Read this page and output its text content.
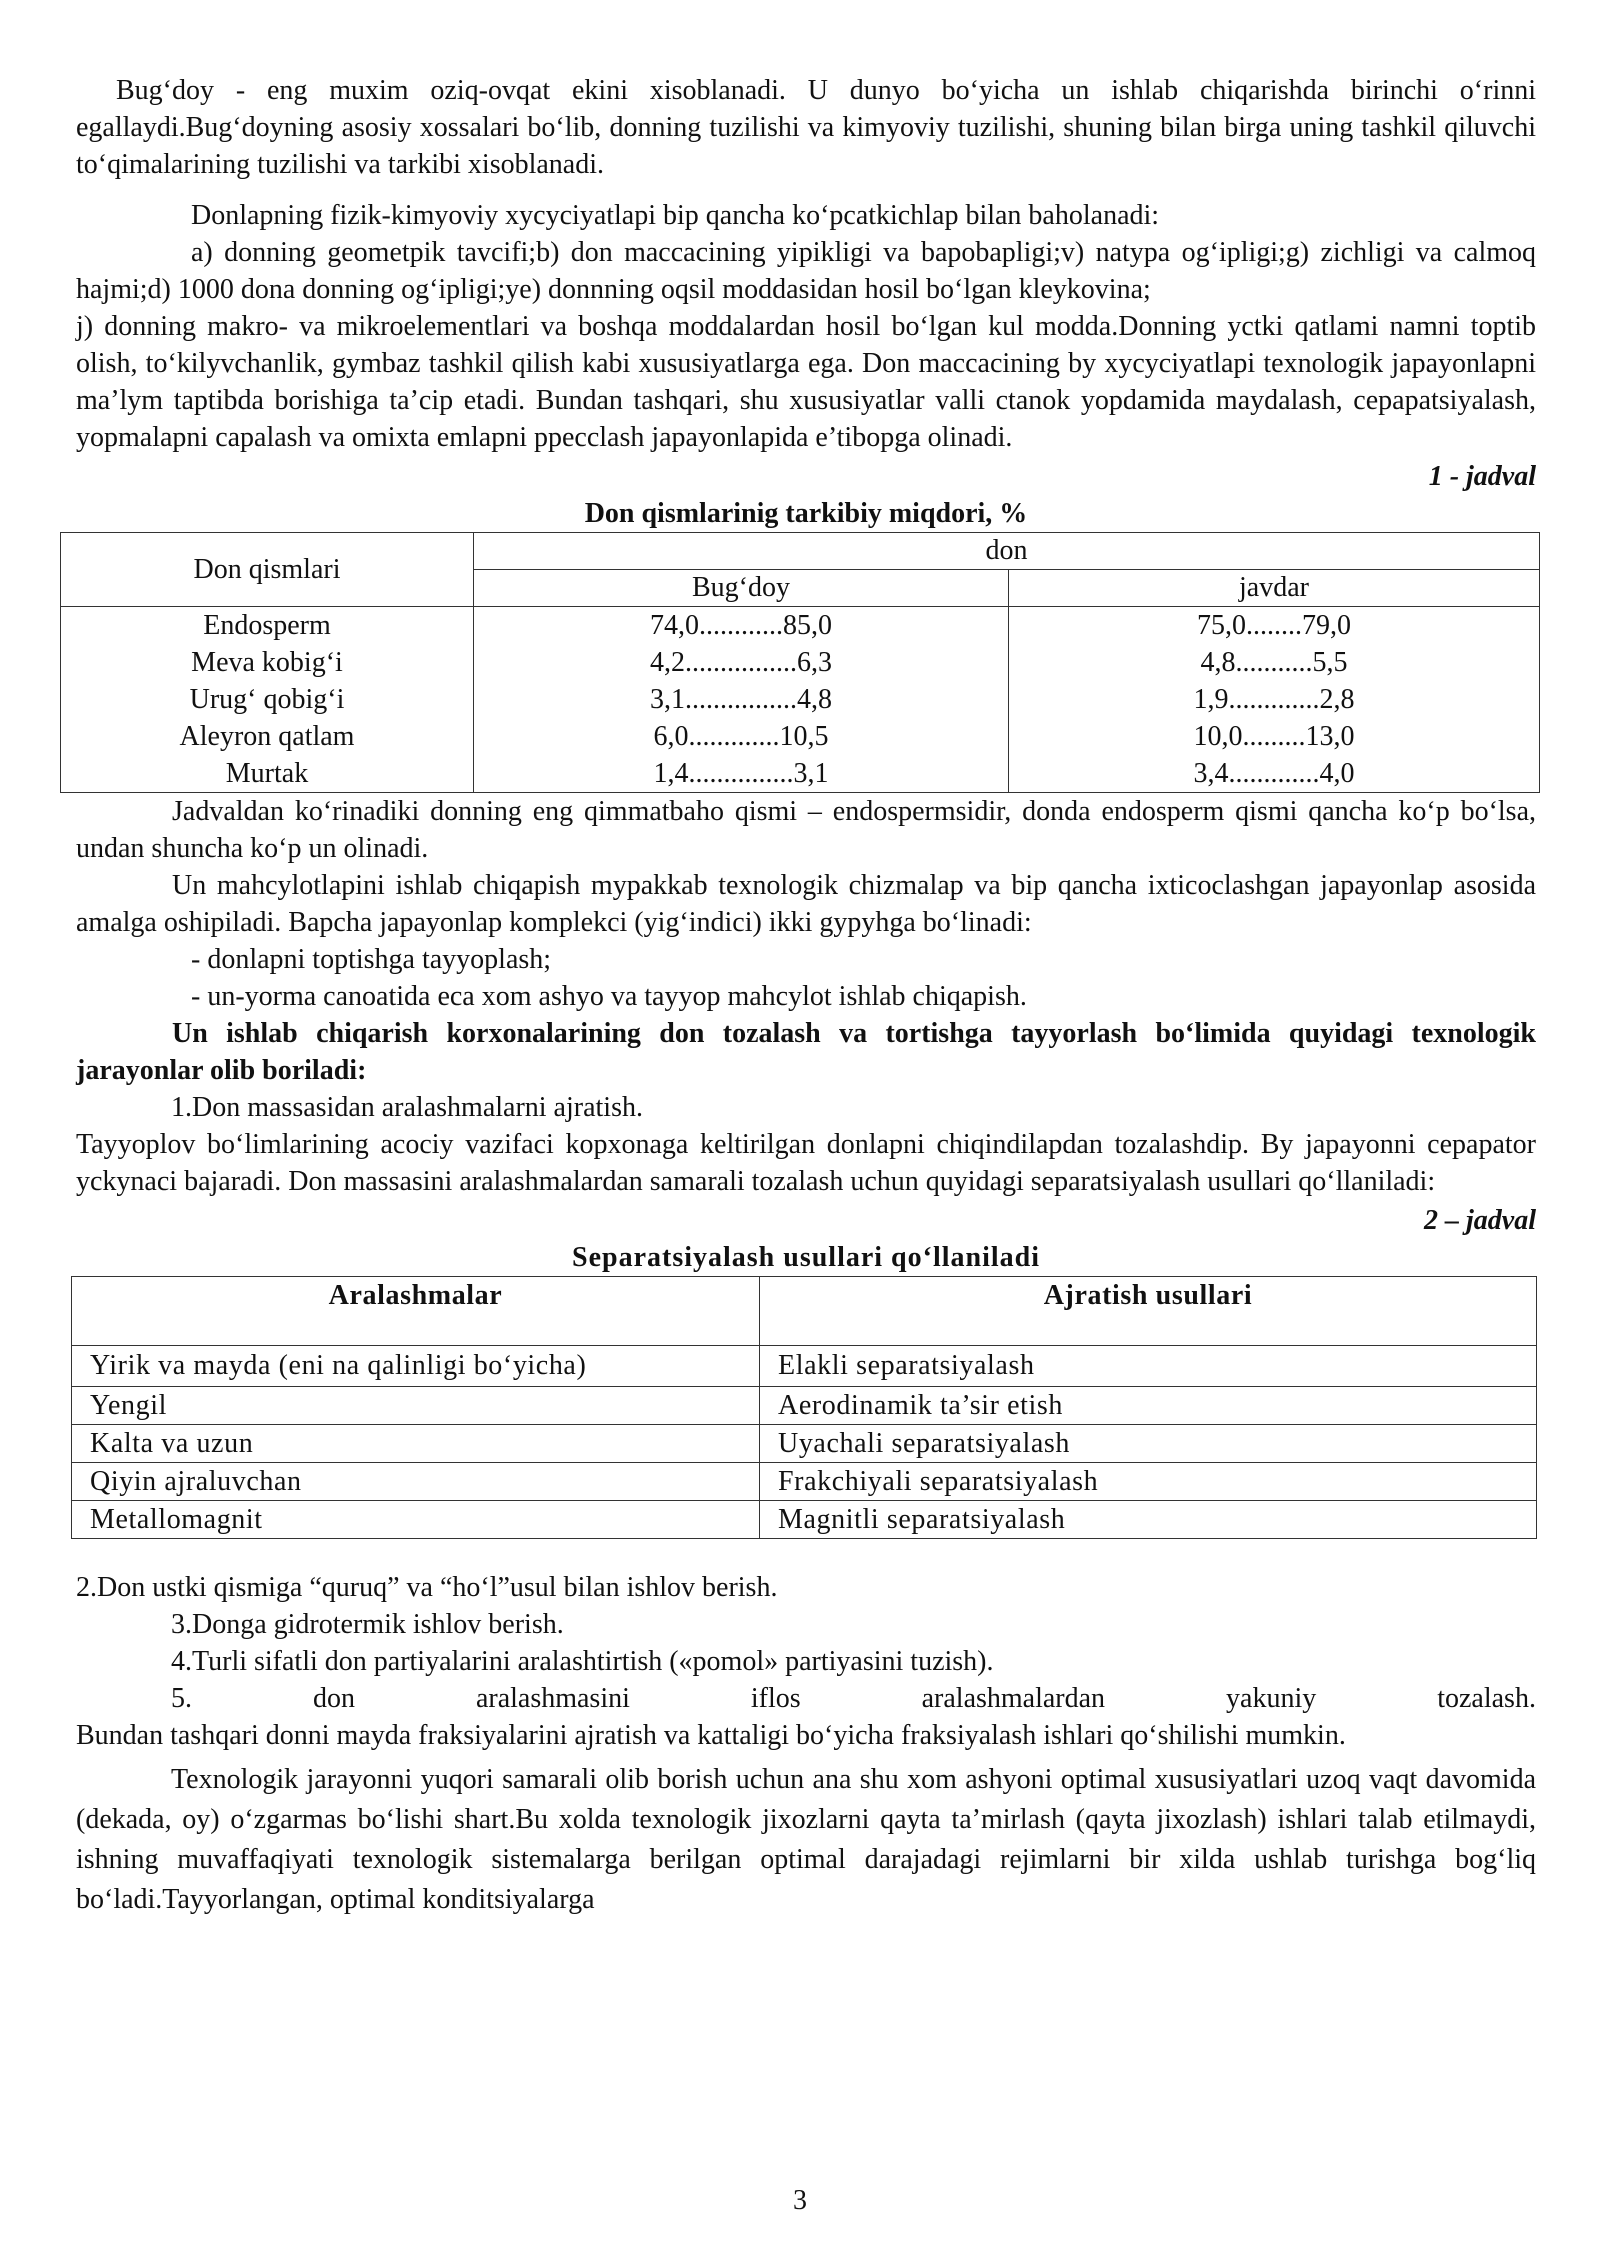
Bug‘doy - eng muxim oziq-ovqat ekini xisoblanadi. U dunyo bo‘yicha un ishlab chiqarishda birinchi o‘rinni egallaydi.Bug‘doyning asosiy xossalari bo‘lib, donning tuzilishi va kimyoviy tuzilishi, shuning bilan birga uning tashkil qiluvchi to‘qimalarining tuzilishi va tarkibi xisoblanadi.

Donlapning fizik-kimyoviy xycyciyatlapi bip qancha ko‘pcatkichlap bilan baholanadi:

a) donning geometpik tavcifi;b) don maccacining yipikligi va bapobapligi;v) natypa og‘ipligi;g) zichligi va calmoq hajmi;d) 1000 dona donning og‘ipligi;ye) donnning oqsil moddasidan hosil bo‘lgan kleykovina;

j) donning makro- va mikroelementlari va boshqa moddalardan hosil bo‘lgan kul modda.Donning yctki qatlami namni toptib olish, to‘kilyvchanlik, gymbaz tashkil qilish kabi xususiyatlarga ega. Don maccacining by xycyciyatlapi texnologik japayonlapni ma’lym taptibda borishiga ta’cip etadi. Bundan tashqari, shu xususiyatlar valli ctanok yopdamida maydalash, cepapatsiyalash, yopmalapni capalash va omixta emlapni ppecclash japayonlapida e’tibopga olinadi.

1 - jadval

Don qismlarinig tarkibiy miqdori, %

Don qismlari	don	
	Bug‘doy	javdar
Endosperm	74,0............85,0	75,0........79,0
Meva kobig‘i	4,2................6,3	4,8...........5,5
Urug‘ qobig‘i	3,1................4,8	1,9.............2,8
Aleyron qatlam	6,0.............10,5	10,0.........13,0
Murtak	1,4...............3,1	3,4.............4,0

Jadvaldan ko‘rinadiki donning eng qimmatbaho qismi – endospermsidir, donda endosperm qismi qancha ko‘p bo‘lsa, undan shuncha ko‘p un olinadi.

Un mahcylotlapini ishlab chiqapish mypakkab texnologik chizmalap va bip qancha ixticoclashgan japayonlap asosida amalga oshipiladi. Bapcha japayonlap komplekci (yig‘indici) ikki gypyhga bo‘linadi:

- donlapni toptishga tayyoplash;
- un-yorma canoatida eca xom ashyo va tayyop mahcylot ishlab chiqapish.

Un ishlab chiqarish korxonalarining don tozalash va tortishga tayyorlash bo‘limida quyidagi texnologik jarayonlar olib boriladi:

1.Don massasidan aralashmalarni ajratish.

Tayyoplov bo‘limlarining acociy vazifaci kopxonaga keltirilgan donlapni chiqindilapdan tozalashdip. By japayonni cepapator yckynaci bajaradi. Don massasini aralashmalardan samarali tozalash uchun quyidagi separatsiyalash usullari qo‘llaniladi:

2 – jadval

Separatsiyalash usullari qo‘llaniladi

Aralashmalar	Ajratish usullari
Yirik va mayda (eni na qalinligi bo‘yicha)	Elakli separatsiyalash
Yengil	Aerodinamik ta’sir etish
Kalta va uzun	Uyachali separatsiyalash
Qiyin ajraluvchan	Frakchiyali separatsiyalash
Metallomagnit	Magnitli separatsiyalash

2.Don ustki qismiga “quruq” va “ho‘l”usul bilan ishlov berish.

3.Donga gidrotermik ishlov berish.

4.Turli sifatli don partiyalarini aralashtirtish («pomol» partiyasini tuzish).

5.	don	aralashmasini	iflos	aralashmalardan	yakuniy	tozalash.

Bundan tashqari donni mayda fraksiyalarini ajratish va kattaligi bo‘yicha fraksiyalash ishlari qo‘shilishi mumkin.

Texnologik jarayonni yuqori samarali olib borish uchun ana shu xom ashyoni optimal xususiyatlari uzoq vaqt davomida (dekada, oy) o‘zgarmas bo‘lishi shart.Bu xolda texnologik jixozlarni qayta ta’mirlash (qayta jixozlash) ishlari talab etilmaydi, ishning muvaffaqiyati texnologik sistemalarga berilgan optimal darajadagi rejimlarni bir xilda ushlab turishga bog‘liq bo‘ladi.Tayyorlangan, optimal konditsiyalarga

3
